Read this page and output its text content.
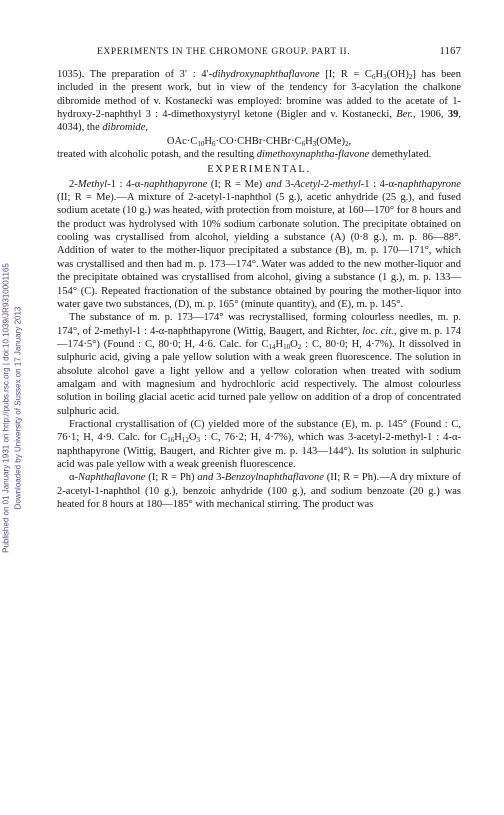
Published on 01 January 1931 on http://pubs.rsc.org | doi:10.1039/JR9310001165 Downloaded by University of Sussex on 17 January 2013
EXPERIMENTS IN THE CHROMONE GROUP. PART II.	1167

1035). The preparation of 3′ : 4′-dihydroxynaphthaflavone [I; $R = C_6H_3(OH)_2$] has been included in the present work, but in view of the tendency for 3-acylation the chalkone dibromide method of v. Kostanecki was employed: bromine was added to the acetate of 1-hydroxy-2-naphthyl 3 : 4-dimethoxystyryl ketone (Bigler and v. Kostanecki, Ber., 1906, 39, 4034), the dibromide,

$OAc\cdot C_{10}H_6\cdot CO\cdot CHBr\cdot CHBr\cdot C_6H_3(OMe)_2$,

treated with alcoholic potash, and the resulting dimethoxynaphtha-flavone demethylated.

EXPERIMENTAL.

2-Methyl-1 : 4-α-naphthapyrone (I; R = Me) and 3-Acetyl-2-methyl-1 : 4-α-naphthapyrone (II; R = Me).—A mixture of 2-acetyl-1-naphthol (5 g.), acetic anhydride (25 g.), and fused sodium acetate (10 g.) was heated, with protection from moisture, at 160—170° for 8 hours and the product was hydrolysed with 10% sodium carbonate solution. The precipitate obtained on cooling was crystallised from alcohol, yielding a substance (A) (0·8 g.), m. p. 86—88°. Addition of water to the mother-liquor precipitated a substance (B), m. p. 170—171°, which was crystallised and then had m. p. 173—174°. Water was added to the new mother-liquor and the precipitate obtained was crystallised from alcohol, giving a substance (1 g.), m. p. 133—154° (C). Repeated fractionation of the substance obtained by pouring the mother-liquor into water gave two substances, (D), m. p. 165° (minute quantity), and (E), m. p. 145°.

The substance of m. p. 173—174° was recrystallised, forming colourless needles, m. p. 174°, of 2-methyl-1 : 4-α-naphthapyrone (Wittig, Baugert, and Richter, loc. cit., give m. p. 174—174·5°) (Found : C, 80·0; H, 4·6. Calc. for $C_{14}H_{10}O_2$ : C, 80·0; H, 4·7%). It dissolved in sulphuric acid, giving a pale yellow solution with a weak green fluorescence. The solution in absolute alcohol gave a light yellow and a yellow coloration when treated with sodium amalgam and with magnesium and hydrochloric acid respectively. The almost colourless solution in boiling glacial acetic acid turned pale yellow on addition of a drop of concentrated sulphuric acid.

Fractional crystallisation of (C) yielded more of the substance (E), m. p. 145° (Found : C, 76·1; H, 4·9. Calc. for $C_{16}H_{12}O_3$ : C, 76·2; H, 4·7%), which was 3-acetyl-2-methyl-1 : 4-α-naphthapyrone (Wittig, Baugert, and Richter give m. p. 143—144°). Its solution in sulphuric acid was pale yellow with a weak greenish fluorescence.

α-Naphthaflavone (I; R = Ph) and 3-Benzoylnaphthaflavone (II; R = Ph).—A dry mixture of 2-acetyl-1-naphthol (10 g.), benzoic anhydride (100 g.), and sodium benzoate (20 g.) was heated for 8 hours at 180—185° with mechanical stirring. The product was
